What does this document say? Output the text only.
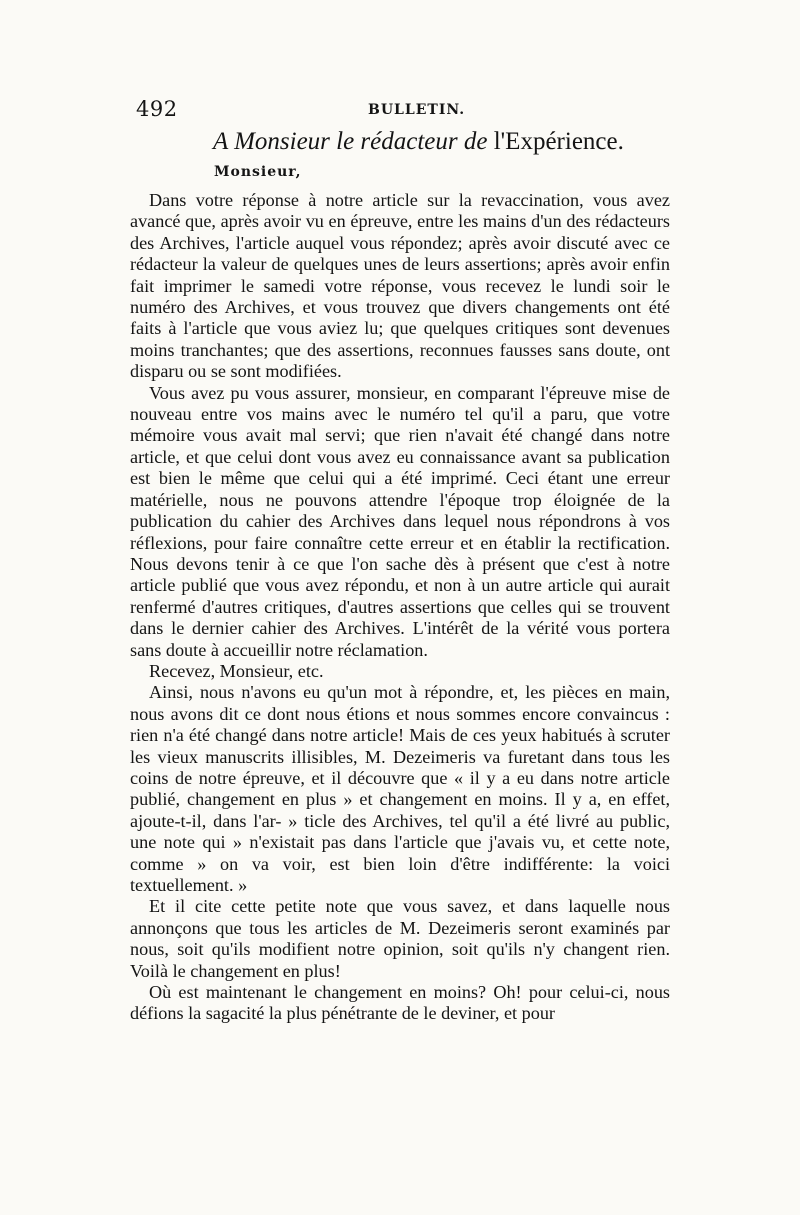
492	BULLETIN.
A Monsieur le rédacteur de l'Expérience.
Monsieur,

Dans votre réponse à notre article sur la revaccination, vous avez avancé que, après avoir vu en épreuve, entre les mains d'un des rédacteurs des Archives, l'article auquel vous répondez; après avoir discuté avec ce rédacteur la valeur de quelques unes de leurs assertions; après avoir enfin fait imprimer le samedi votre réponse, vous recevez le lundi soir le numéro des Archives, et vous trouvez que divers changements ont été faits à l'article que vous aviez lu; que quelques critiques sont devenues moins tranchantes; que des assertions, reconnues fausses sans doute, ont disparu ou se sont modifiées.

Vous avez pu vous assurer, monsieur, en comparant l'épreuve mise de nouveau entre vos mains avec le numéro tel qu'il a paru, que votre mémoire vous avait mal servi; que rien n'avait été changé dans notre article, et que celui dont vous avez eu connaissance avant sa publication est bien le même que celui qui a été imprimé. Ceci étant une erreur matérielle, nous ne pouvons attendre l'époque trop éloignée de la publication du cahier des Archives dans lequel nous répondrons à vos réflexions, pour faire connaître cette erreur et en établir la rectification. Nous devons tenir à ce que l'on sache dès à présent que c'est à notre article publié que vous avez répondu, et non à un autre article qui aurait renfermé d'autres critiques, d'autres assertions que celles qui se trouvent dans le dernier cahier des Archives. L'intérêt de la vérité vous portera sans doute à accueillir notre réclamation.

Recevez, Monsieur, etc.

Ainsi, nous n'avons eu qu'un mot à répondre, et, les pièces en main, nous avons dit ce dont nous étions et nous sommes encore convaincus : rien n'a été changé dans notre article! Mais de ces yeux habitués à scruter les vieux manuscrits illisibles, M. Dezeimeris va furetant dans tous les coins de notre épreuve, et il découvre que « il y a eu dans notre article publié, changement en plus » et changement en moins. Il y a, en effet, ajoute-t-il, dans l'ar- » ticle des Archives, tel qu'il a été livré au public, une note qui » n'existait pas dans l'article que j'avais vu, et cette note, comme » on va voir, est bien loin d'être indifférente: la voici textuellement. »

Et il cite cette petite note que vous savez, et dans laquelle nous annonçons que tous les articles de M. Dezeimeris seront examinés par nous, soit qu'ils modifient notre opinion, soit qu'ils n'y changent rien. Voilà le changement en plus!

Où est maintenant le changement en moins? Oh! pour celui-ci, nous défions la sagacité la plus pénétrante de le deviner, et pour
